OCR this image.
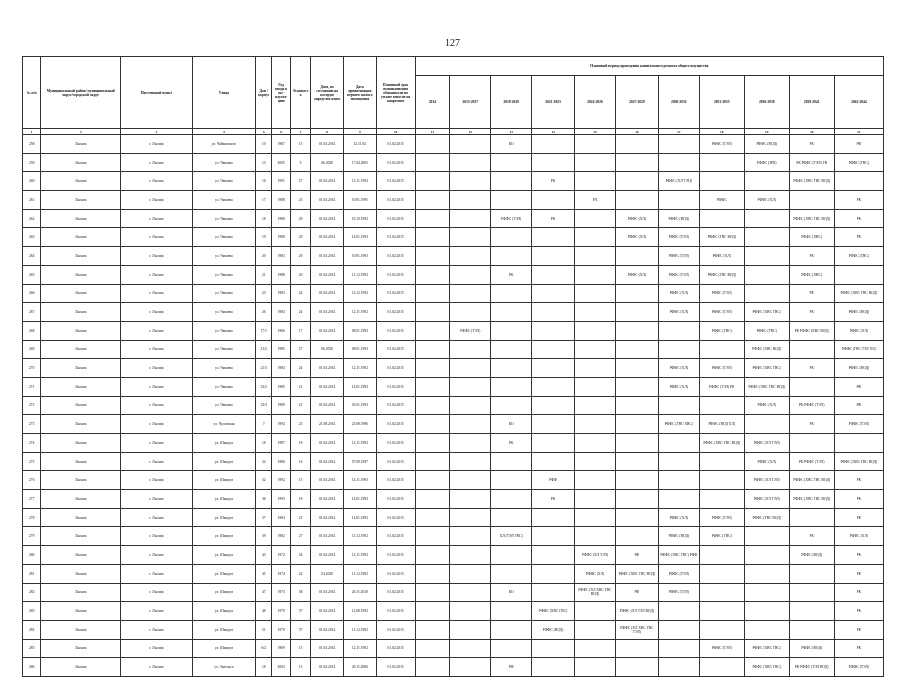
127
№ п/п	Муниципальный район/ муниципальный округ/городской округ	Населенный пункт	Улица	Дом / корпус	Год ввода в экс-плуата-цию	Этажность	Дата, по состоянию на которую определен износ	Дата приватизации первого жилого помещения	Плановый срок возникновения обязанности по уплате взносов на капремонт	Плановый период проведения капитального ремонта общего имущества										
										2014	2015-2017	2018-2020	2021-2023	2024-2026	2027-2029	2030-2032	2033-2035	2036-2038	2039-2041	2042-2044
1	2	3	4	5	6	7	8	9	10	11	12	13	14	15	16	17	18	19	20	21
258	Лысьва	г. Лысьва	ул. Чайковского	10	1987	15	01.04.2014	12.11.92	01.02.2015			КО					РФФС (ТЭЛ)	РФФС (ВОД)	РК	РФ
259	Лысьва	г. Лысьва	ул. Чапаева	13	2005	5	06.2020	17.04.2005	01.02.2015									РФФС (ЗРК)	РК РФФС (ТЭЛ) ГВ	РФФС (ГВС)
260	Лысьва	г. Лысьва	ул. Чапаева	16	1991	27	01.04.2014	12.11.1992	01.02.2015				РК			РФФС (ХЛ ТЭЦ)			РФФС (ХВС ГВС ВОД)	
261	Лысьва	г. Лысьва	ул. Чапаева	17	1988	23	01.04.2014	10.01.1995	01.02.2015					РЛ			РФФС	РФФС (ХЛ)		РК
262	Лысьва	г. Лысьва	ул. Чапаева	18	1980	29	01.04.2014	10.10.1992	01.02.2015			РФФС (ТЭЛ)	РК		РФФС (ХЛ)	РФФС (ВОД)			РФФС (ХВС ГВС ВОД)	РК
263	Лысьва	г. Лысьва	ул. Чапаева	19	1980	29	01.04.2014	14.01.1993	01.02.2015						РФФС (ХЛ)	РФФС (ТЭЛ)	РФФС (ГВС ВОД)		РФФС (ХВС)	РК
264	Лысьва	г. Лысьва	ул. Чапаева	20	1983	20	01.04.2014	10.01.1993	01.02.2015							РФФС (ТЭЛ)	РФФС (ХЛ)		РК	РФФС (ГВС)
265	Лысьва	г. Лысьва	ул. Чапаева	21	1988	20	01.04.2014	11.12.1992	01.02.2015			РК			РФФС (ХЛ)	РФФС (ТЭЛ)	РФФС (ГВС ВОД)		РФФС (ХВС)	
266	Лысьва	г. Лысьва	ул. Чапаева	23	1983	24	01.04.2014	14.12.1992	01.02.2015							РФФС (ХЛ)	РФФС (ТЭЛ)		РК	РФФС (ХВС ГВС ВОД)
267	Лысьва	г. Лысьва	ул. Чапаева	26	1984	24	01.04.2014	12.11.1992	01.02.2015							РФФС (ХЛ)	РФФС (ТЭЛ)	РФФС (ХВС ГВС)	РК	РФФС (ВОД)
268	Лысьва	г. Лысьва	ул. Чапаева	17/1	1966	17	01.04.2014	08.01.1993	01.02.2015		РФФС (ТЭЛ)						РФФС (ГВС)	РФФС (ГВС)	РК РФФС (ХВС ВОД)	РФФС (ХЛ)
269	Лысьва	г. Лысьва	ул. Чапаева	21/2	1985	27	06.2020	08.01.1993	01.02.2015									РФФС (ХВС ВОД)		РФФС (ГВС ТЭЛ ХЛ)
270	Лысьва	г. Лысьва	ул. Чапаева	21/3	1984	24	01.04.2014	12.11.1992	01.02.2015							РФФС (ХЛ)	РФФС (ТЭЛ)	РФФС (ХВС ГВС)	РК	РФФС (ВОД)
271	Лысьва	г. Лысьва	ул. Чапаева	23/2	1985	21	01.04.2014	14.01.1993	01.02.2015							РФФС (ХЛ)	РФФС (ТЭЛ) РК	РФФС (ХВС ГВС ВОД)		РФ
272	Лысьва	г. Лысьва	ул. Чапаева	23/3	1989	21	01.04.2014	03.01.1993	01.02.2015									РФФС (ХЛ)	РК РФФС (ТЭЛ)	РФ
273	Лысьва	г. Лысьва	ул. Чусовская	7	1994	25	21.08.2014	23.08.1996	01.02.2015			КО				РФФС (ГВС ХВС)	РФФС (ВОД ХЛ)		РК	РФФС (ТЭЛ)
274	Лысьва	г. Лысьва	ул. Шмидта	18	1987	18	01.04.2014	12.11.1992	01.02.2015			РК					РФФС (ХВС ГВС ВОД)	РФФС (ХЛ ТЭЛ)		
275	Лысьва	г. Лысьва	ул. Шмидта	34	1986	16	01.04.2014	07.09.1997	01.02.2015									РФФС (ХЛ)	РК РФФС (ТЭЛ)	РФФС (ХВС ГВС ВОД)
276	Лысьва	г. Лысьва	ул. Шмидта	32	1992	15	01.04.2014	14.11.1993	01.02.2015				РФФ					РФФС (ХЛ ТЭЛ)	РФФС (ХВС ГВС ВОД)	РК
277	Лысьва	г. Лысьва	ул. Шмидта	36	1993	18	01.04.2014	14.01.1993	01.02.2015				РК					РФФС (ХЛ ТЭЛ)	РФФС (ХВС ГВС ВОД)	РК
278	Лысьва	г. Лысьва	ул. Шмидта	37	1984	21	01.04.2014	14.01.1993	01.02.2015							РФФС (ХЛ)	РФФС (ТЭЛ)	РФФС (ГВС ВОД)		РК
279	Лысьва	г. Лысьва	ул. Шмидта	39	1982	27	01.04.2014	11.12.1992	01.02.2015			ХЛ (ТЭЛ ГВС)				РФФС (ВОД)	РФФС (ГВС)		РК	РФФС (ХЛ)
280	Лысьва	г. Лысьва	ул. Шмидта	43	1972	34	01.04.2014	12.11.1992	01.02.2015					РФФС (ХЛ ТЭЛ)	РФ	РФФС (ХВС ГВС) РФФ			РФФС (ВОД)	РК
281	Лысьва	г. Лысьва	ул. Шмидта	45	1974	42	04.2020	11.12.1992	01.02.2015					РФФС (ХЛ)	РФФС (ХВС ГВС ВОД)	РФФС (ТЭЛ)				РК
282	Лысьва	г. Лысьва	ул. Шмидта	47	1973	38	01.04.2014	26.11.2010	01.02.2015			КО		РФФС (ХЛ ХВС ГВС ВОД)	РФ	РФФС (ТЭЛ)				РК
283	Лысьва	г. Лысьва	ул. Шмидта	48	1970	37	01.04.2014	12.08.1992	01.02.2015				РФФС (ХВС ГВС)		РФФС (ХЛ ТЭЛ ВОД)					РК
284	Лысьва	г. Лысьва	ул. Шмидта	51	1970	37	01.04.2014	11.12.1992	01.02.2015				РФФС (ВОД)		РФФС (ХЛ ХВС ГВС ТЭЛ)					РК
285	Лысьва	г. Лысьва	ул. Шмидта	6/2	1969	15	01.04.2014	12.11.1992	01.02.2015								РФФС (ТЭЛ)	РФФС (ХВС ГВС)	РФФС (ВОД)	РК
286	Лысьва	г. Лысьва	ул. Энгельса	18	2003	13	01.04.2014	20.11.2006	01.02.2015			РФ						РФФС (ХВС ГВС)	РК РФФС (ТЭЛ ВОД)	РФФС (ТЭЛ)
